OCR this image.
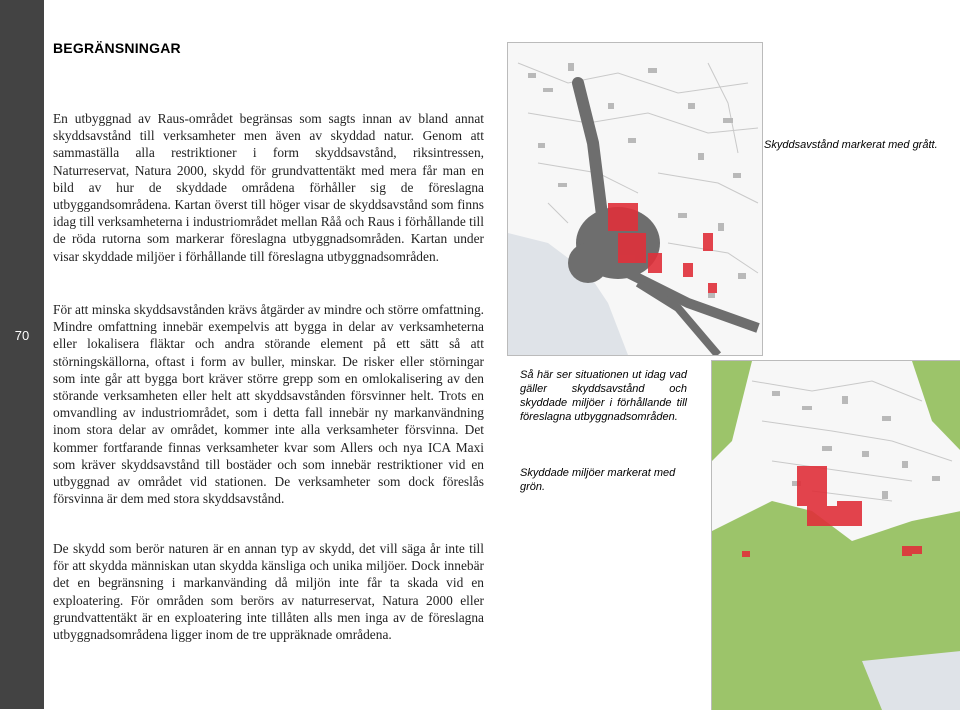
70
BEGRÄNSNINGAR

En utbyggnad av Raus-området begränsas som sagts innan av bland annat skyddsavstånd till verksamheter men även av skyddad natur. Genom att sammaställa alla restriktioner i form skyddsavstånd, riksintressen, Naturreservat, Natura 2000, skydd för grundvattentäkt med mera får man en bild av hur de skyddade områdena förhåller sig de föreslagna utbyggandsområdena. Kartan överst till höger visar de skyddsavstånd som finns idag till verksamheterna i industriområdet mellan Råå och Raus i förhållande till de röda rutorna som markerar föreslagna utbyggnadsområden. Kartan under visar skyddade miljöer i förhållande till föreslagna utbyggnadsområden.

För att minska skyddsavstånden krävs åtgärder av mindre och större omfattning. Mindre omfattning innebär exempelvis att bygga in delar av verksamheterna eller lokalisera fläktar och andra störande element på ett sätt så att störningskällorna, oftast i form av buller, minskar. De risker eller störningar som inte går att bygga bort kräver större grepp som en omlokalisering av den störande verksamheten eller helt att skyddsavstånden försvinner helt. Trots en omvandling av industriområdet, som i detta fall innebär ny markanvändning inom stora delar av området, kommer inte alla verksamheter försvinna. Det kommer fortfarande finnas verksamheter kvar som Allers och nya ICA Maxi som kräver skyddsavstånd till bostäder och som innebär restriktioner vid en utbyggnad av området vid stationen. De verksamheter som dock föreslås försvinna är dem med stora skyddsavstånd.

De skydd som berör naturen är en annan typ av skydd, det vill säga år inte till för att skydda människan utan skydda känsliga och unika miljöer. Dock innebär det en begränsning i markanvänding då miljön inte får ta skada vid en exploatering. För områden som berörs av naturreservat, Natura 2000 eller grundvattentäkt är en exploatering inte tillåten alls men inga av de föreslagna utbyggnadsområdena ligger inom de tre uppräknade områdena.

Skyddsavstånd markerat med grått.

Så här ser situationen ut idag vad gäller skyddsavstånd och skyddade miljöer i förhållande till föreslagna utbyggnadsområden.

Skyddade miljöer markerat med grön.
